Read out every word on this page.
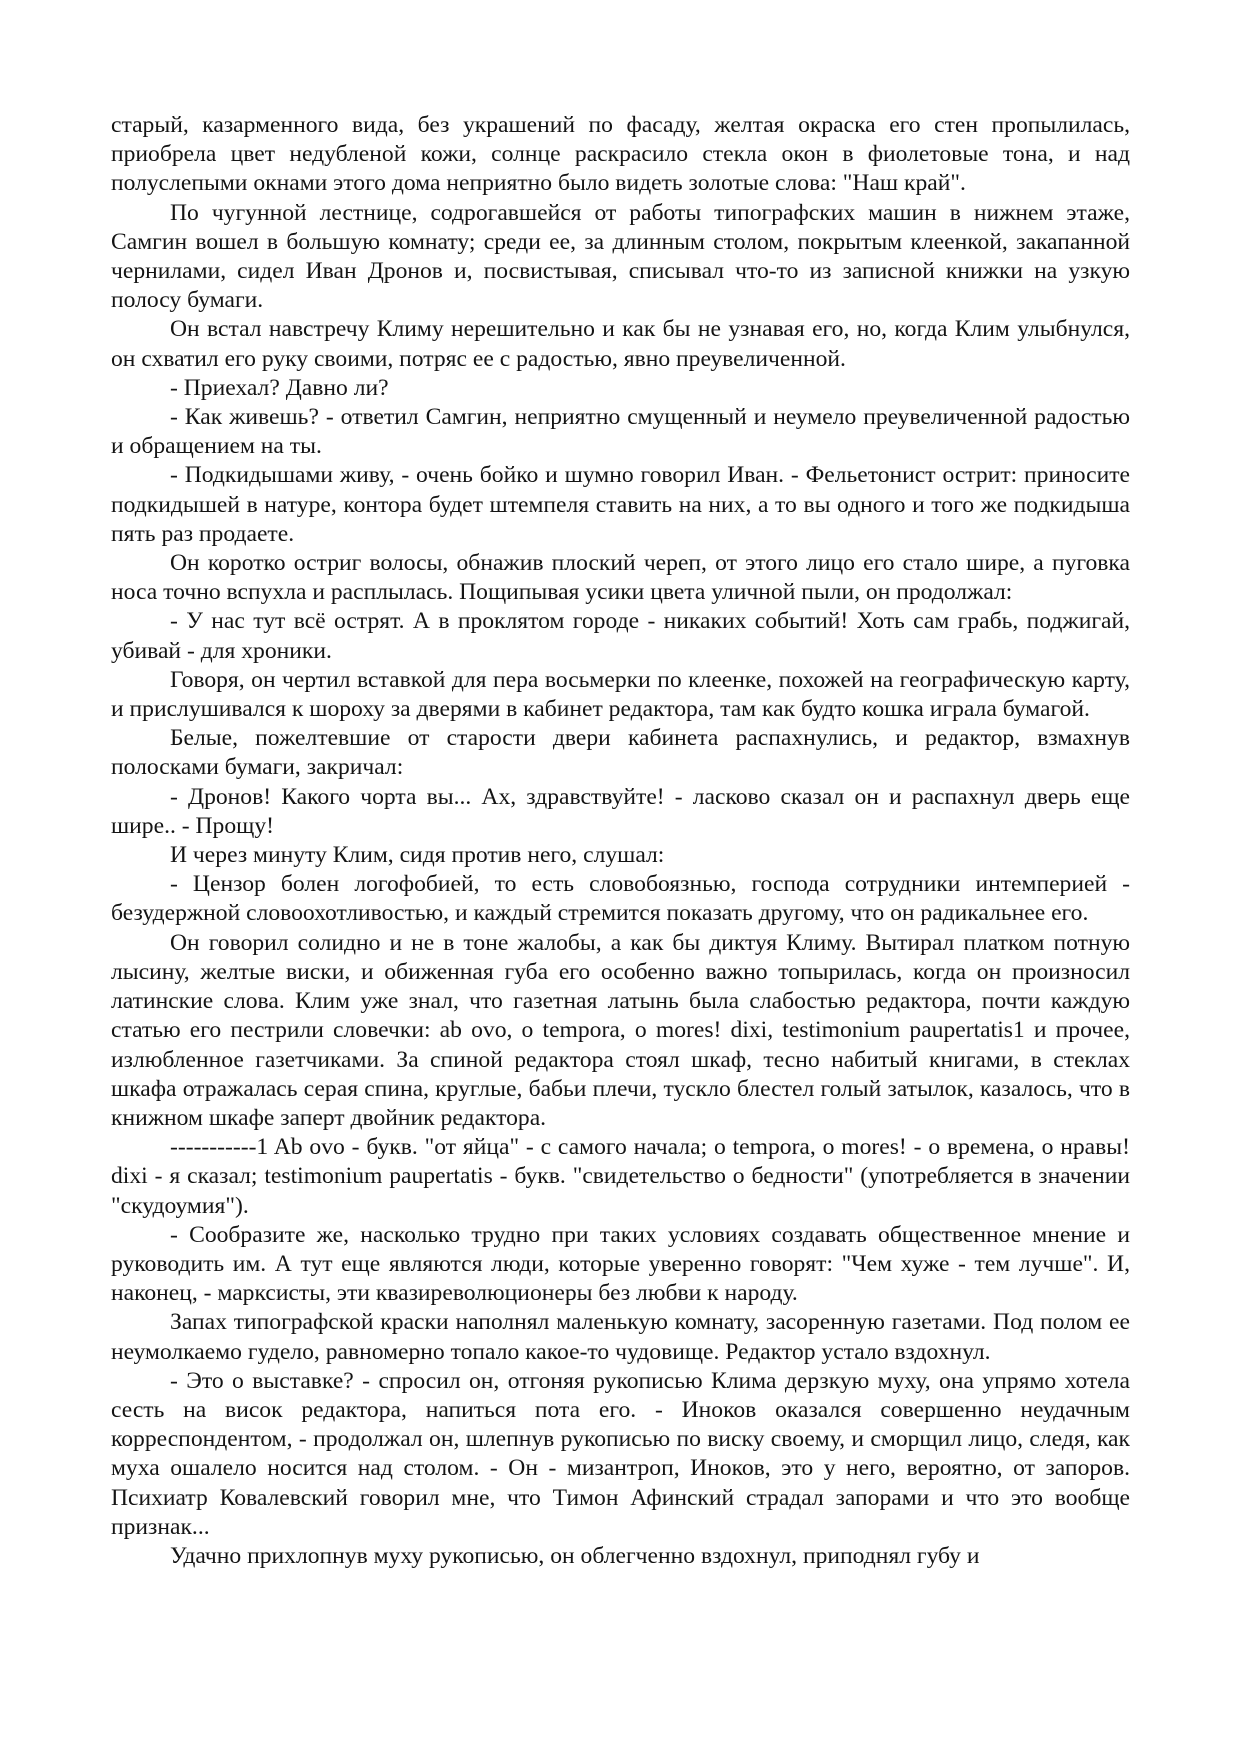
старый, казарменного вида, без украшений по фасаду, желтая окраска его стен пропылилась, приобрела цвет недубленой кожи, солнце раскрасило стекла окон в фиолетовые тона, и над полуслепыми окнами этого дома неприятно было видеть золотые слова: "Наш край".

По чугунной лестнице, содрогавшейся от работы типографских машин в нижнем этаже, Самгин вошел в большую комнату; среди ее, за длинным столом, покрытым клеенкой, закапанной чернилами, сидел Иван Дронов и, посвистывая, списывал что-то из записной книжки на узкую полосу бумаги.

Он встал навстречу Климу нерешительно и как бы не узнавая его, но, когда Клим улыбнулся, он схватил его руку своими, потряс ее с радостью, явно преувеличенной.

- Приехал? Давно ли?

- Как живешь? - ответил Самгин, неприятно смущенный и неумело преувеличенной радостью и обращением на ты.

- Подкидышами живу, - очень бойко и шумно говорил Иван. - Фельетонист острит: приносите подкидышей в натуре, контора будет штемпеля ставить на них, а то вы одного и того же подкидыша пять раз продаете.

Он коротко остриг волосы, обнажив плоский череп, от этого лицо его стало шире, а пуговка носа точно вспухла и расплылась. Пощипывая усики цвета уличной пыли, он продолжал:

- У нас тут всё острят. А в проклятом городе - никаких событий! Хоть сам грабь, поджигай, убивай - для хроники.

Говоря, он чертил вставкой для пера восьмерки по клеенке, похожей на географическую карту, и прислушивался к шороху за дверями в кабинет редактора, там как будто кошка играла бумагой.

Белые, пожелтевшие от старости двери кабинета распахнулись, и редактор, взмахнув полосками бумаги, закричал:

- Дронов! Какого чорта вы... Ах, здравствуйте! - ласково сказал он и распахнул дверь еще шире.. - Прощу!

И через минуту Клим, сидя против него, слушал:

- Цензор болен логофобией, то есть словобоязнью, господа сотрудники интемперией - безудержной словоохотливостью, и каждый стремится показать другому, что он радикальнее его.

Он говорил солидно и не в тоне жалобы, а как бы диктуя Климу. Вытирал платком потную лысину, желтые виски, и обиженная губа его особенно важно топырилась, когда он произносил латинские слова. Клим уже знал, что газетная латынь была слабостью редактора, почти каждую статью его пестрили словечки: ab ovo, о tempora, о mores! dixi, testimonium paupertatis1 и прочее, излюбленное газетчиками. За спиной редактора стоял шкаф, тесно набитый книгами, в стеклах шкафа отражалась серая спина, круглые, бабьи плечи, тускло блестел голый затылок, казалось, что в книжном шкафе заперт двойник редактора.

-----------1 Ab ovo - букв. "от яйца" - с самого начала; о tempora, о mores! - о времена, о нравы! dixi - я сказал; testimonium paupertatis - букв. "свидетельство о бедности" (употребляется в значении "скудоумия").

- Сообразите же, насколько трудно при таких условиях создавать общественное мнение и руководить им. А тут еще являются люди, которые уверенно говорят: "Чем хуже - тем лучше". И, наконец, - марксисты, эти квазиреволюционеры без любви к народу.

Запах типографской краски наполнял маленькую комнату, засоренную газетами. Под полом ее неумолкаемо гудело, равномерно топало какое-то чудовище. Редактор устало вздохнул.

- Это о выставке? - спросил он, отгоняя рукописью Клима дерзкую муху, она упрямо хотела сесть на висок редактора, напиться пота его. - Иноков оказался совершенно неудачным корреспондентом, - продолжал он, шлепнув рукописью по виску своему, и сморщил лицо, следя, как муха ошалело носится над столом. - Он - мизантроп, Иноков, это у него, вероятно, от запоров. Психиатр Ковалевский говорил мне, что Тимон Афинский страдал запорами и что это вообще признак...

Удачно прихлопнув муху рукописью, он облегченно вздохнул, приподнял губу и
